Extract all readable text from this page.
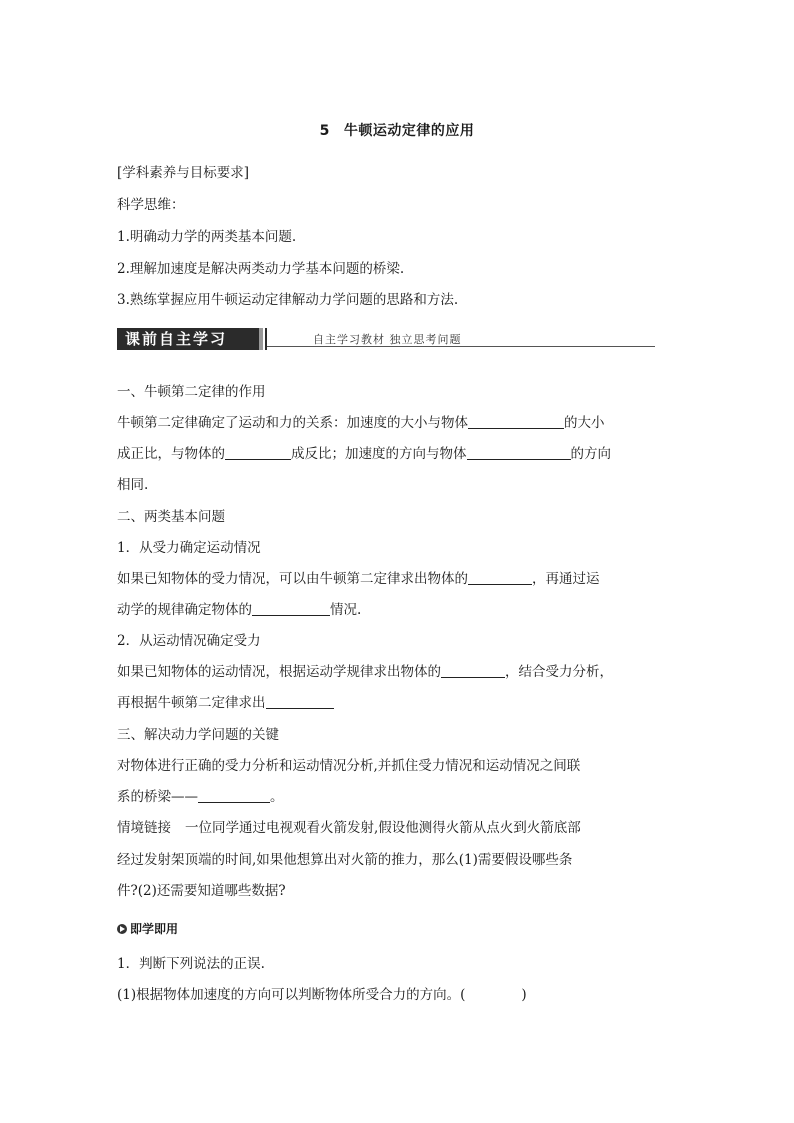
5 牛顿运动定律的应用
[学科素养与目标要求]
科学思维：
1.明确动力学的两类基本问题.
2.理解加速度是解决两类动力学基本问题的桥梁.
3.熟练掌握应用牛顿运动定律解动力学问题的思路和方法.
课前自主学习	自主学习教材 独立思考问题
一、牛顿第二定律的作用
牛顿第二定律确定了运动和力的关系：加速度的大小与物体	的大小
成正比，与物体的	成反比；加速度的方向与物体	的方向
相同.
二、两类基本问题
1．从受力确定运动情况
如果已知物体的受力情况，可以由牛顿第二定律求出物体的	，再通过运
动学的规律确定物体的	情况.
2．从运动情况确定受力
如果已知物体的运动情况，根据运动学规律求出物体的	，结合受力分析，
再根据牛顿第二定律求出
三、解决动力学问题的关键
对物体进行正确的受力分析和运动情况分析,并抓住受力情况和运动情况之间联
系的桥梁——	。
情境链接 一位同学通过电视观看火箭发射,假设他测得火箭从点火到火箭底部
经过发射架顶端的时间,如果他想算出对火箭的推力，那么(1)需要假设哪些条
件?(2)还需要知道哪些数据?
即学即用
1．判断下列说法的正误.
(1)根据物体加速度的方向可以判断物体所受合力的方向。(	)
